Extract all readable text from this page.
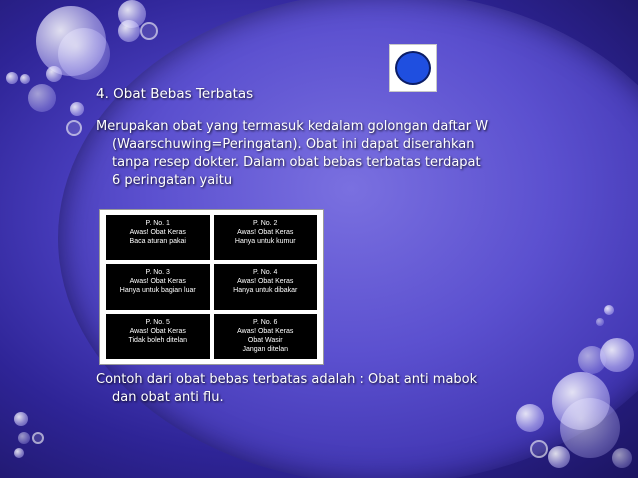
4. Obat Bebas Terbatas
Merupakan obat yang termasuk kedalam golongan daftar W
(Waarschuwing=Peringatan). Obat ini dapat diserahkan
tanpa resep dokter. Dalam obat bebas terbatas terdapat
6 peringatan yaitu
P. No. 1
Awas! Obat Keras
Baca aturan pakai
P. No. 2
Awas! Obat Keras
Hanya untuk kumur
P. No. 3
Awas! Obat Keras
Hanya untuk bagian luar
P. No. 4
Awas! Obat Keras
Hanya untuk dibakar
P. No. 5
Awas! Obat Keras
Tidak boleh ditelan
P. No. 6
Awas! Obat Keras
Obat Wasir
Jangan ditelan
Contoh dari obat bebas terbatas adalah : Obat anti mabok
dan obat anti flu.
